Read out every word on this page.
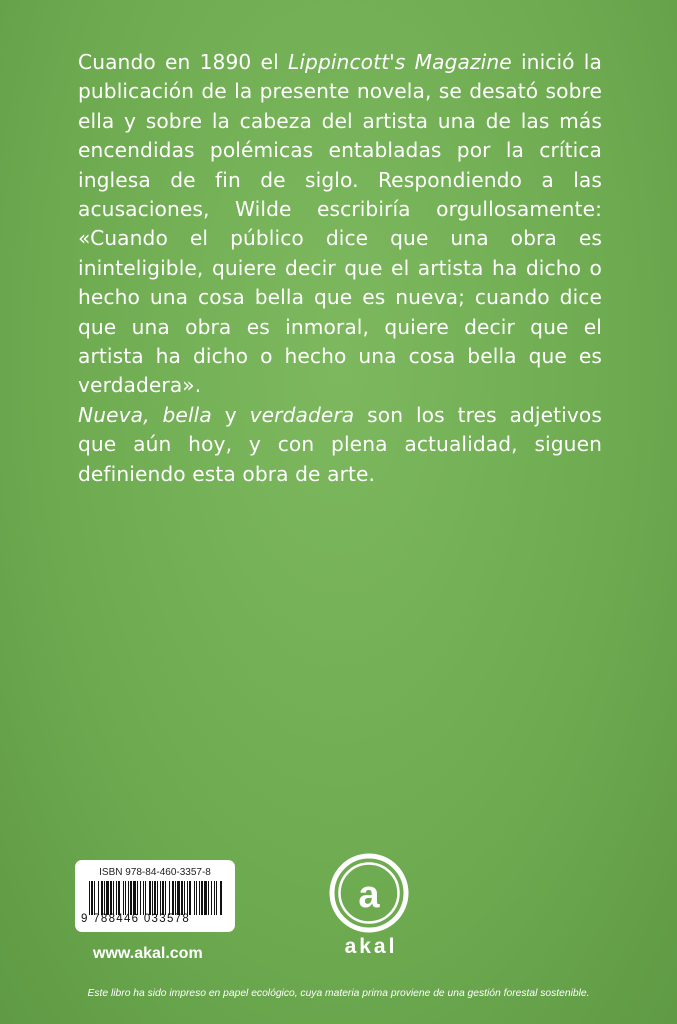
Cuando en 1890 el Lippincott's Magazine inició la publicación de la presente novela, se desató sobre ella y sobre la cabeza del artista una de las más encendidas polémicas entabladas por la crítica inglesa de fin de siglo. Respondiendo a las acusaciones, Wilde escribiría orgullosamente: «Cuando el público dice que una obra es ininteligible, quiere decir que el artista ha dicho o hecho una cosa bella que es nueva; cuando dice que una obra es inmoral, quiere decir que el artista ha dicho o hecho una cosa bella que es verdadera».

Nueva, bella y verdadera son los tres adjetivos que aún hoy, y con plena actualidad, siguen definiendo esta obra de arte.

ISBN 978-84-460-3357-8
9 788446 033578
www.akal.com
a
akal
Este libro ha sido impreso en papel ecológico, cuya materia prima proviene de una gestión forestal sostenible.
